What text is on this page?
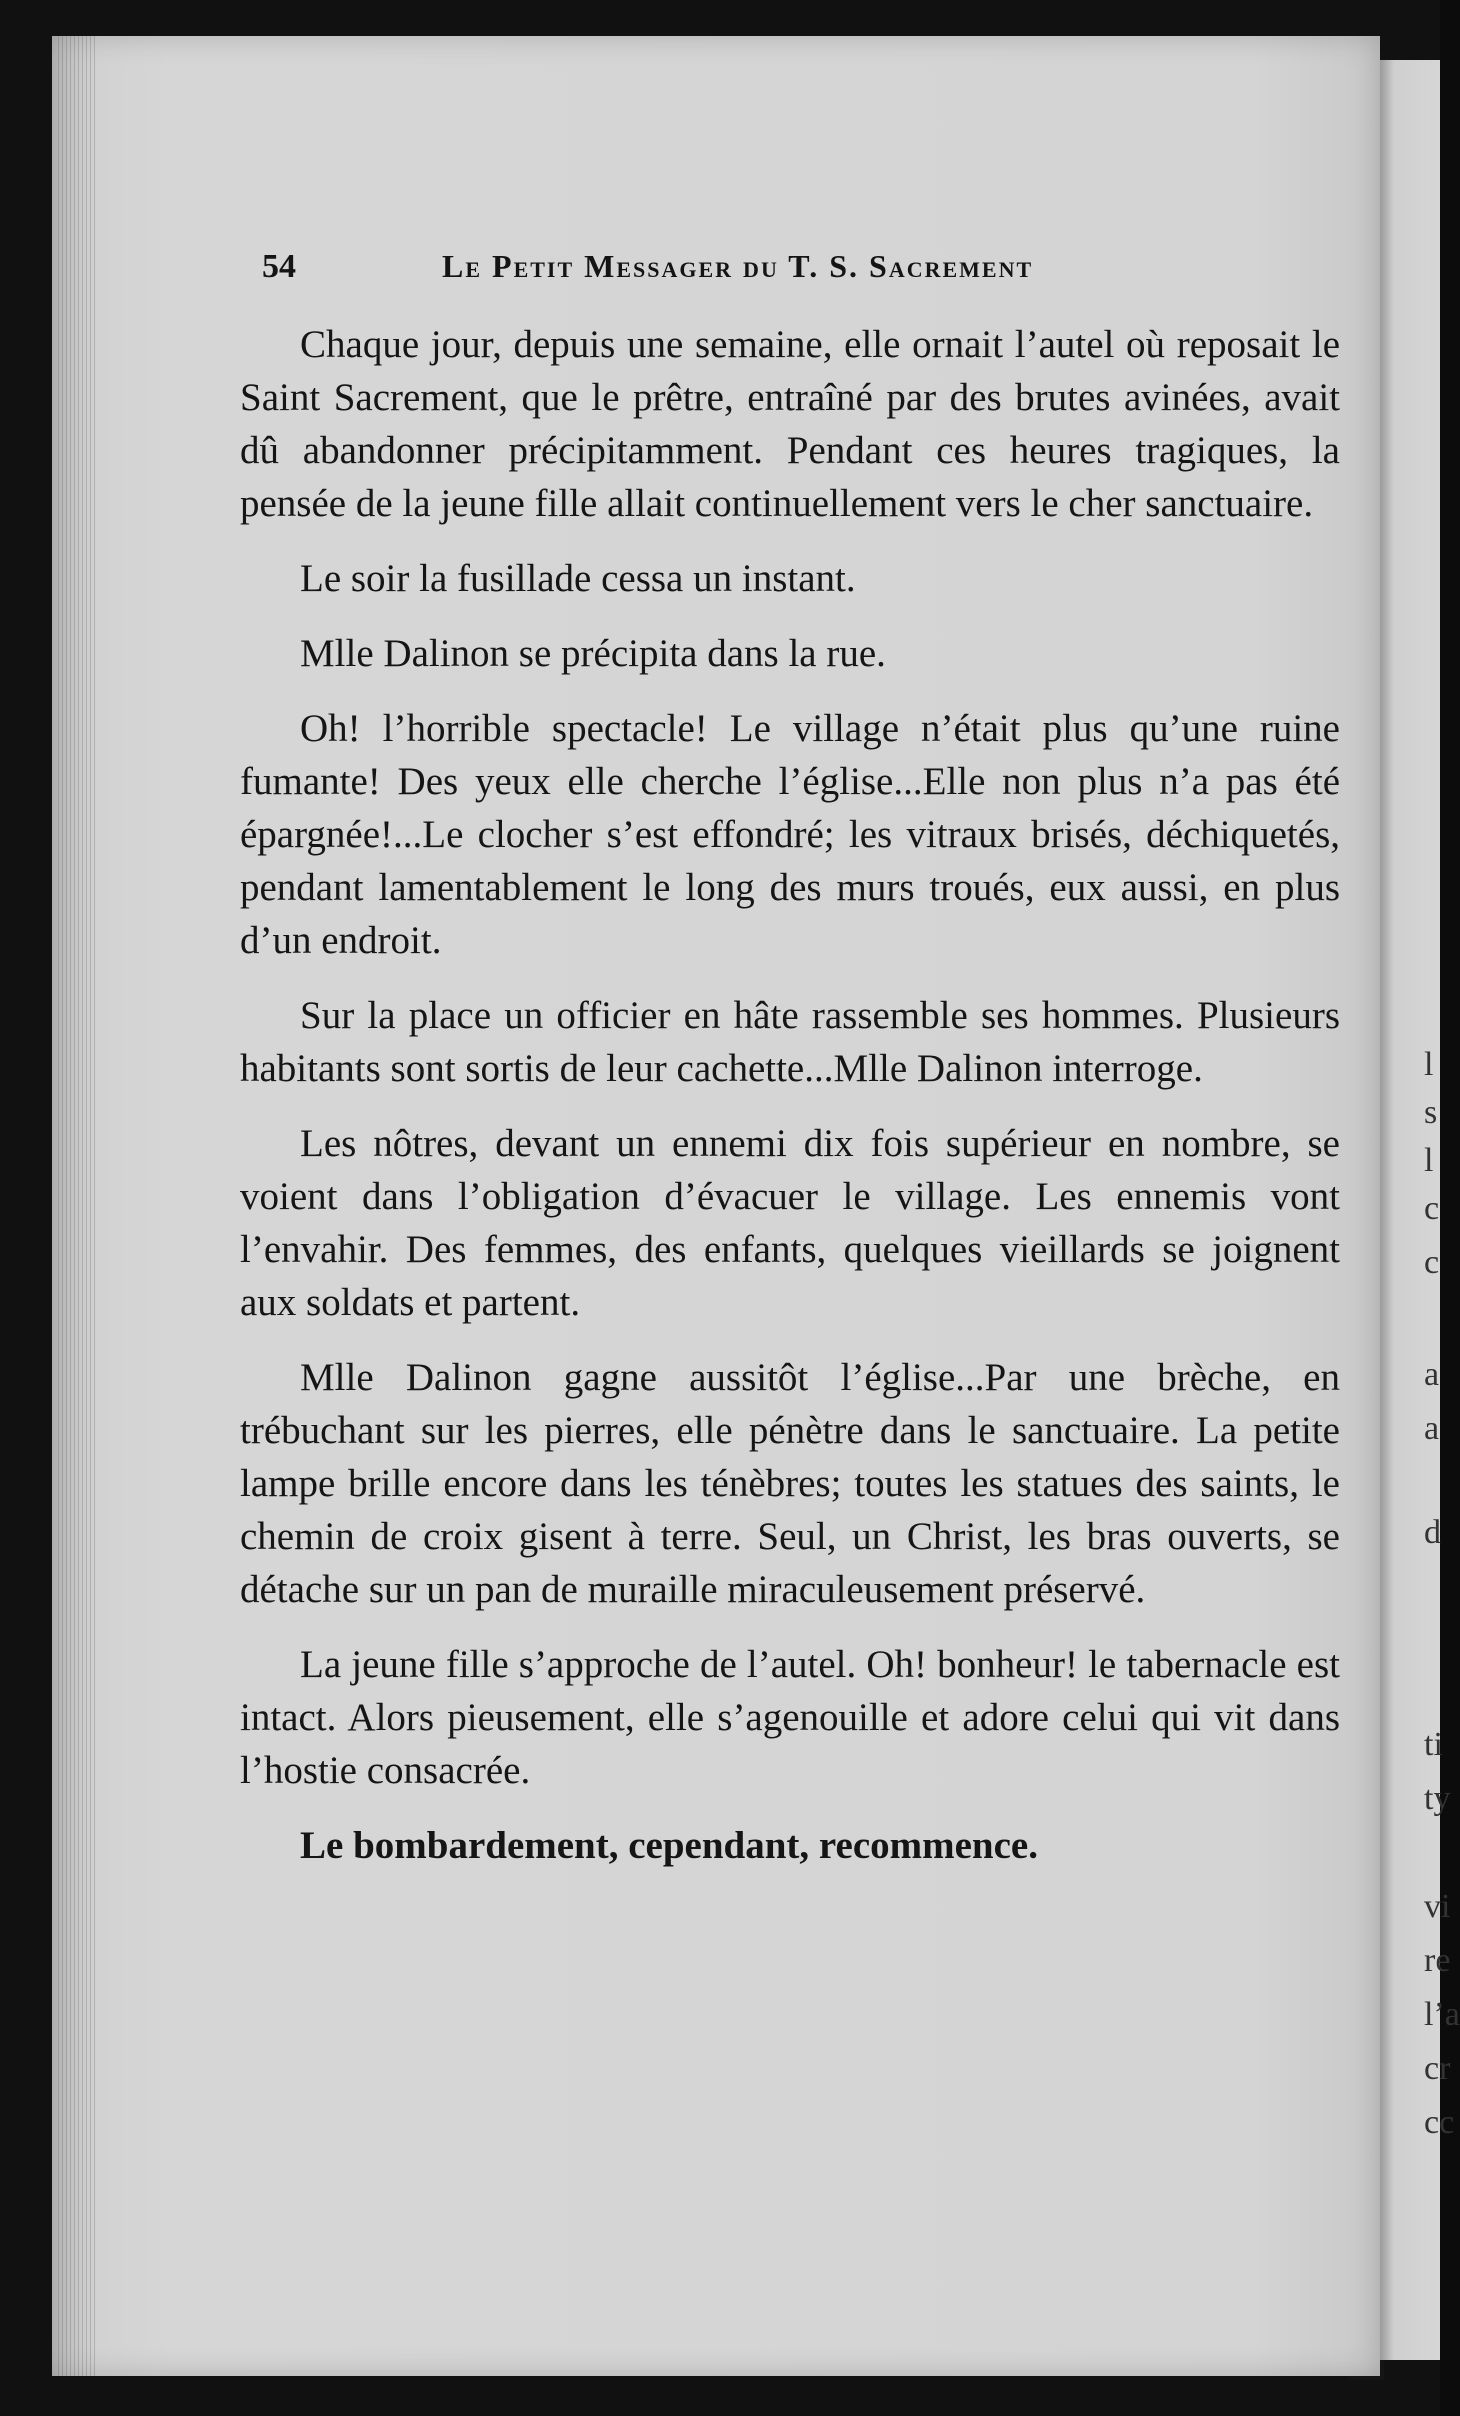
l
s
l
c
c
a
a
d
ti
ty
vi
re
l’a
cr
cc
54	Le Petit Messager du T. S. Sacrement

Chaque jour, depuis une semaine, elle ornait l’autel où reposait le Saint Sacrement, que le prêtre, entraîné par des brutes avinées, avait dû abandonner précipitamment. Pendant ces heures tragiques, la pensée de la jeune fille allait continuellement vers le cher sanctuaire.

Le soir la fusillade cessa un instant.

Mlle Dalinon se précipita dans la rue.

Oh! l’horrible spectacle! Le village n’était plus qu’une ruine fumante! Des yeux elle cherche l’église...Elle non plus n’a pas été épargnée!...Le clocher s’est effondré; les vitraux brisés, déchiquetés, pendant lamentablement le long des murs troués, eux aussi, en plus d’un endroit.

Sur la place un officier en hâte rassemble ses hommes. Plusieurs habitants sont sortis de leur cachette...Mlle Dalinon interroge.

Les nôtres, devant un ennemi dix fois supérieur en nombre, se voient dans l’obligation d’évacuer le village. Les ennemis vont l’envahir. Des femmes, des enfants, quelques vieillards se joignent aux soldats et partent.

Mlle Dalinon gagne aussitôt l’église...Par une brèche, en trébuchant sur les pierres, elle pénètre dans le sanctuaire. La petite lampe brille encore dans les ténèbres; toutes les statues des saints, le chemin de croix gisent à terre. Seul, un Christ, les bras ouverts, se détache sur un pan de muraille miraculeusement préservé.

La jeune fille s’approche de l’autel. Oh! bonheur! le tabernacle est intact. Alors pieusement, elle s’agenouille et adore celui qui vit dans l’hostie consacrée.

Le bombardement, cependant, recommence.
